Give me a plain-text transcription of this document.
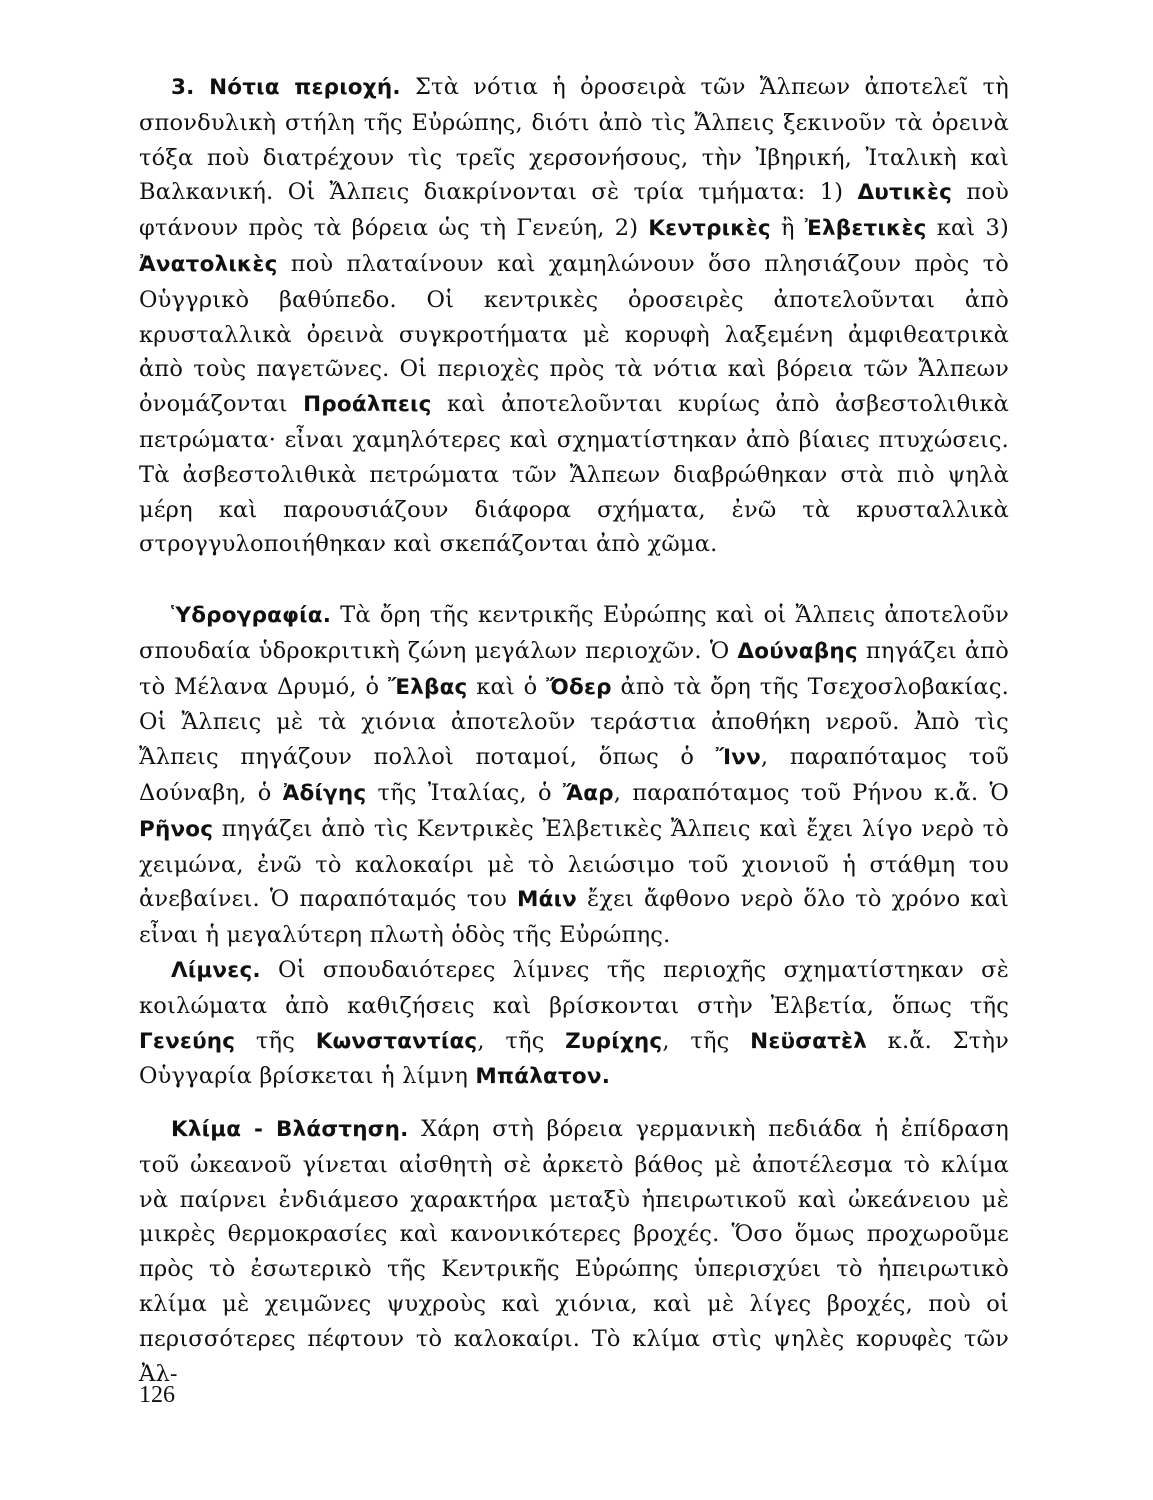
3. Νότια περιοχή. Στὰ νότια ἡ ὀροσειρὰ τῶν Ἄλπεων ἀποτελεῖ τὴ σπονδυλικὴ στήλη τῆς Εὐρώπης, διότι ἀπὸ τὶς Ἄλπεις ξεκινοῦν τὰ ὀρεινὰ τόξα ποὺ διατρέχουν τὶς τρεῖς χερσονήσους, τὴν Ἰβηρική, Ἰταλικὴ καὶ Βαλκανική. Οἱ Ἄλπεις διακρίνονται σὲ τρία τμήματα: 1) Δυτικὲς ποὺ φτάνουν πρὸς τὰ βόρεια ὡς τὴ Γενεύη, 2) Κεντρικὲς ἢ Ἐλβετικὲς καὶ 3) Ἀνατολικὲς ποὺ πλαταίνουν καὶ χαμηλώνουν ὅσο πλησιάζουν πρὸς τὸ Οὑγγρικὸ βαθύπεδο. Οἱ κεντρικὲς ὀροσειρὲς ἀποτελοῦνται ἀπὸ κρυσταλλικὰ ὀρεινὰ συγκροτήματα μὲ κορυφὴ λαξεμένη ἀμφιθεατρικὰ ἀπὸ τοὺς παγετῶνες. Οἱ περιοχὲς πρὸς τὰ νότια καὶ βόρεια τῶν Ἄλπεων ὀνομάζονται Προάλπεις καὶ ἀποτελοῦνται κυρίως ἀπὸ ἀσβεστολιθικὰ πετρώματα· εἶναι χαμηλότερες καὶ σχηματίστηκαν ἀπὸ βίαιες πτυχώσεις. Τὰ ἀσβεστολιθικὰ πετρώματα τῶν Ἄλπεων διαβρώθηκαν στὰ πιὸ ψηλὰ μέρη καὶ παρουσιάζουν διάφορα σχήματα, ἐνῶ τὰ κρυσταλλικὰ στρογγυλοποιήθηκαν καὶ σκεπάζονται ἀπὸ χῶμα.

Ὑδρογραφία. Τὰ ὄρη τῆς κεντρικῆς Εὐρώπης καὶ οἱ Ἄλπεις ἀποτελοῦν σπουδαία ὑδροκριτικὴ ζώνη μεγάλων περιοχῶν. Ὁ Δούναβης πηγάζει ἀπὸ τὸ Μέλανα Δρυμό, ὁ Ἔλβας καὶ ὁ Ὄδερ ἀπὸ τὰ ὄρη τῆς Τσεχοσλοβακίας. Οἱ Ἄλπεις μὲ τὰ χιόνια ἀποτελοῦν τεράστια ἀποθήκη νεροῦ. Ἀπὸ τὶς Ἄλπεις πηγάζουν πολλοὶ ποταμοί, ὅπως ὁ Ἴνν, παραπόταμος τοῦ Δούναβη, ὁ Ἀδίγης τῆς Ἰταλίας, ὁ Ἄαρ, παραπόταμος τοῦ Ρήνου κ.ἄ. Ὁ Ρῆνος πηγάζει ἀπὸ τὶς Κεντρικὲς Ἐλβετικὲς Ἄλπεις καὶ ἔχει λίγο νερὸ τὸ χειμώνα, ἐνῶ τὸ καλοκαίρι μὲ τὸ λειώσιμο τοῦ χιονιοῦ ἡ στάθμη του ἀνεβαίνει. Ὁ παραπόταμός του Μάιν ἔχει ἄφθονο νερὸ ὅλο τὸ χρόνο καὶ εἶναι ἡ μεγαλύτερη πλωτὴ ὁδὸς τῆς Εὐρώπης.

Λίμνες. Οἱ σπουδαιότερες λίμνες τῆς περιοχῆς σχηματίστηκαν σὲ κοιλώματα ἀπὸ καθιζήσεις καὶ βρίσκονται στὴν Ἐλβετία, ὅπως τῆς Γενεύης τῆς Κωνσταντίας, τῆς Ζυρίχης, τῆς Νεϋσατὲλ κ.ἄ. Στὴν Οὑγγαρία βρίσκεται ἡ λίμνη Μπάλατον.

Κλίμα - Βλάστηση. Χάρη στὴ βόρεια γερμανικὴ πεδιάδα ἡ ἐπίδραση τοῦ ὠκεανοῦ γίνεται αἰσθητὴ σὲ ἀρκετὸ βάθος μὲ ἀποτέλεσμα τὸ κλίμα νὰ παίρνει ἐνδιάμεσο χαρακτήρα μεταξὺ ἠπειρωτικοῦ καὶ ὠκεάνειου μὲ μικρὲς θερμοκρασίες καὶ κανονικότερες βροχές. Ὅσο ὅμως προχωροῦμε πρὸς τὸ ἐσωτερικὸ τῆς Κεντρικῆς Εὐρώπης ὑπερισχύει τὸ ἠπειρωτικὸ κλίμα μὲ χειμῶνες ψυχροὺς καὶ χιόνια, καὶ μὲ λίγες βροχές, ποὺ οἱ περισσότερες πέφτουν τὸ καλοκαίρι. Τὸ κλίμα στὶς ψηλὲς κορυφὲς τῶν Ἀλ-

126
